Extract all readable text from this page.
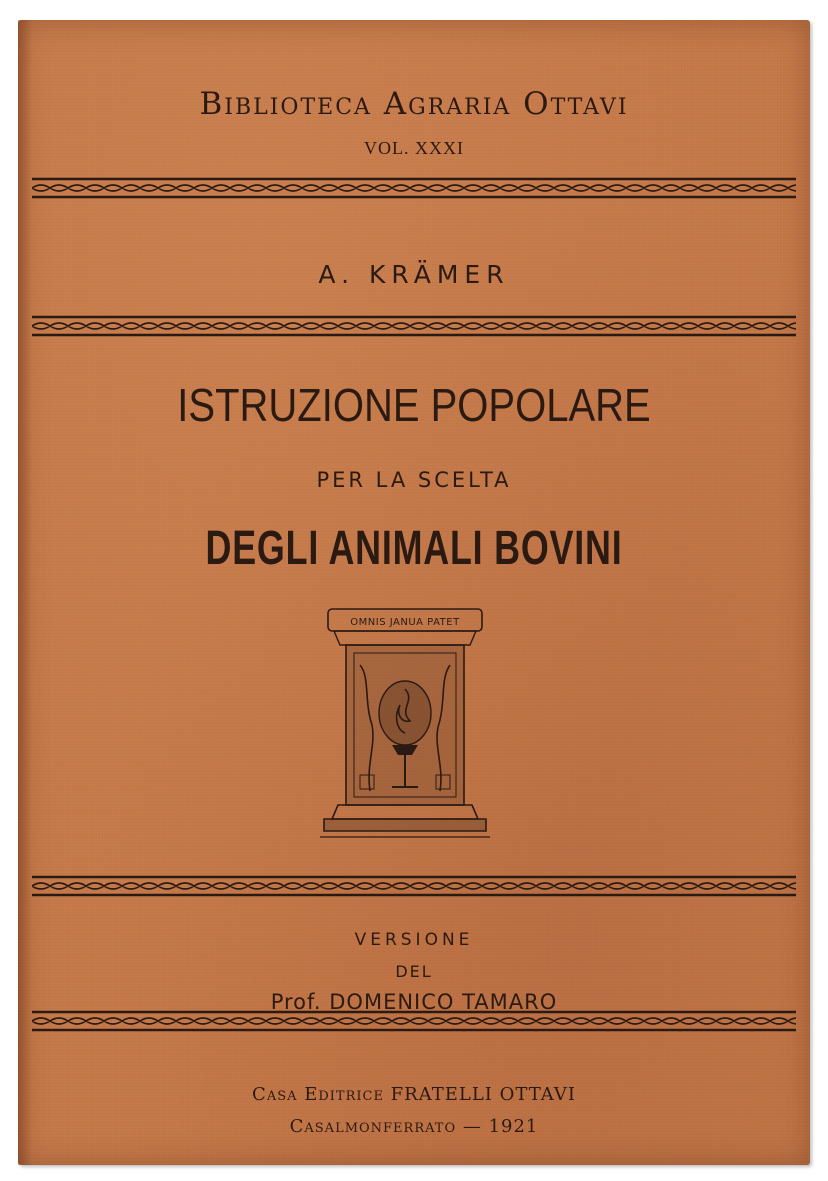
Biblioteca Agraria Ottavi
VOL. XXXI
A. KRÄMER
ISTRUZIONE POPOLARE
PER LA SCELTA
DEGLI ANIMALI BOVINI
OMNIS JANUA PATET
VERSIONE
DEL
Prof. DOMENICO TAMARO
Casa Editrice FRATELLI OTTAVI
Casalmonferrato — 1921
